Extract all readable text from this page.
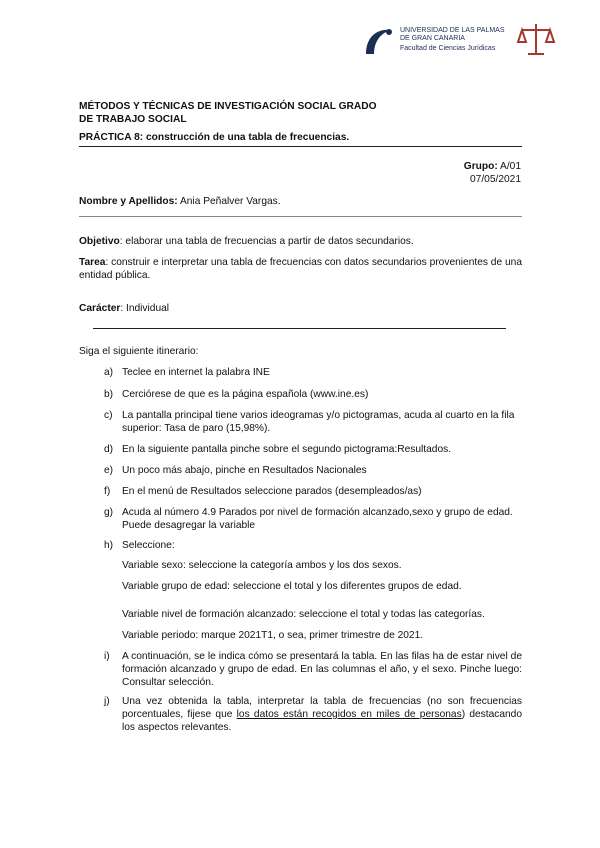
UNIVERSIDAD DE LAS PALMAS
DE GRAN CANARIA
Facultad de Ciencias Jurídicas
MÉTODOS Y TÉCNICAS DE INVESTIGACIÓN SOCIAL GRADO
DE TRABAJO SOCIAL
PRÁCTICA 8: construcción de una tabla de frecuencias.
Grupo: A/01
07/05/2021
Nombre y Apellidos: Ania Peñalver Vargas.
Objetivo: elaborar una tabla de frecuencias a partir de datos secundarios.
Tarea: construir e interpretar una tabla de frecuencias con datos secundarios provenientes de una entidad pública.
Carácter: Individual
Siga el siguiente itinerario:
a) Teclee en internet la palabra INE
b) Cerciórese de que es la página española (www.ine.es)
c) La pantalla principal tiene varios ideogramas y/o pictogramas, acuda al cuarto en la fila superior: Tasa de paro (15,98%).
d) En la siguiente pantalla pinche sobre el segundo pictograma:Resultados.
e) Un poco más abajo, pinche en Resultados Nacionales
f)	En el menú de Resultados seleccione parados (desempleados/as)
g) Acuda al número 4.9 Parados por nivel de formación alcanzado,sexo y grupo de edad. Puede desagregar la variable
h) Seleccione:
Variable sexo: seleccione la categoría ambos y los dos sexos.
Variable grupo de edad: seleccione el total y los diferentes grupos de edad.
Variable nivel de formación alcanzado: seleccione el total y todas las categorías.
Variable periodo: marque 2021T1, o sea, primer trimestre de 2021.
i)	A continuación, se le indica cómo se presentará la tabla. En las filas ha de estar nivel de formación alcanzado y grupo de edad. En las columnas el año, y el sexo. Pinche luego: Consultar selección.
j)	Una vez obtenida la tabla, interpretar la tabla de frecuencias (no son frecuencias porcentuales, fijese que los datos están recogidos en miles de personas) destacando los aspectos relevantes.
